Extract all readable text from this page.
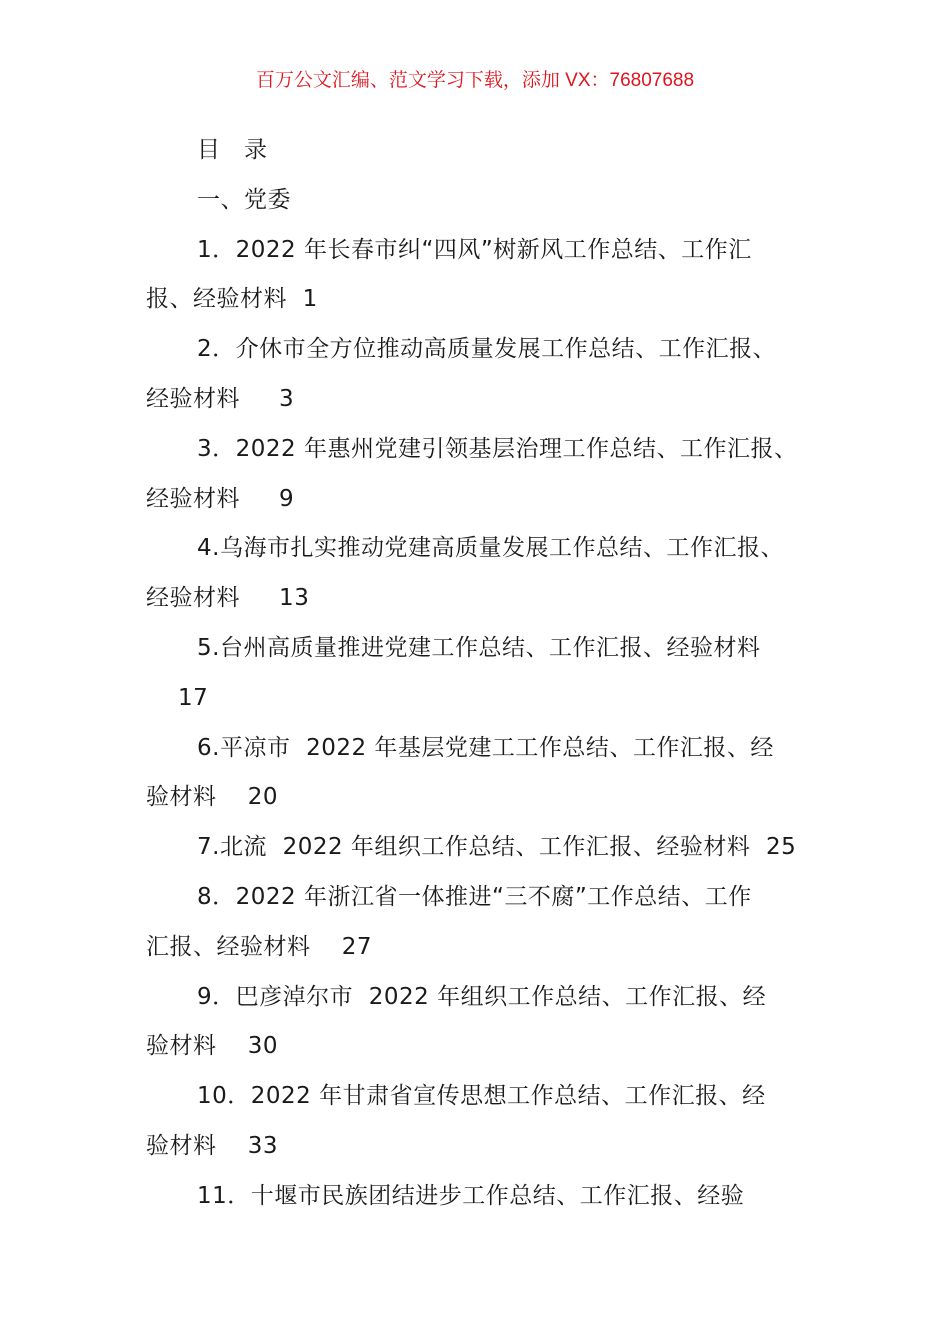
百万公文汇编、范文学习下载，添加 VX：76807688
目　录
一、党委
1．2022 年长春市纠“四风”树新风工作总结、工作汇
报、经验材料  1
2．介休市全方位推动高质量发展工作总结、工作汇报、
经验材料     3
3．2022 年惠州党建引领基层治理工作总结、工作汇报、
经验材料     9
4.乌海市扎实推动党建高质量发展工作总结、工作汇报、
经验材料     13
5.台州高质量推进党建工作总结、工作汇报、经验材料
17
6.平凉市  2022 年基层党建工工作总结、工作汇报、经
验材料    20
7.北流  2022 年组织工作总结、工作汇报、经验材料  25
8．2022 年浙江省一体推进“三不腐”工作总结、工作
汇报、经验材料    27
9．巴彦淖尔市  2022 年组织工作总结、工作汇报、经
验材料    30
10．2022 年甘肃省宣传思想工作总结、工作汇报、经
验材料    33
11．十堰市民族团结进步工作总结、工作汇报、经验
